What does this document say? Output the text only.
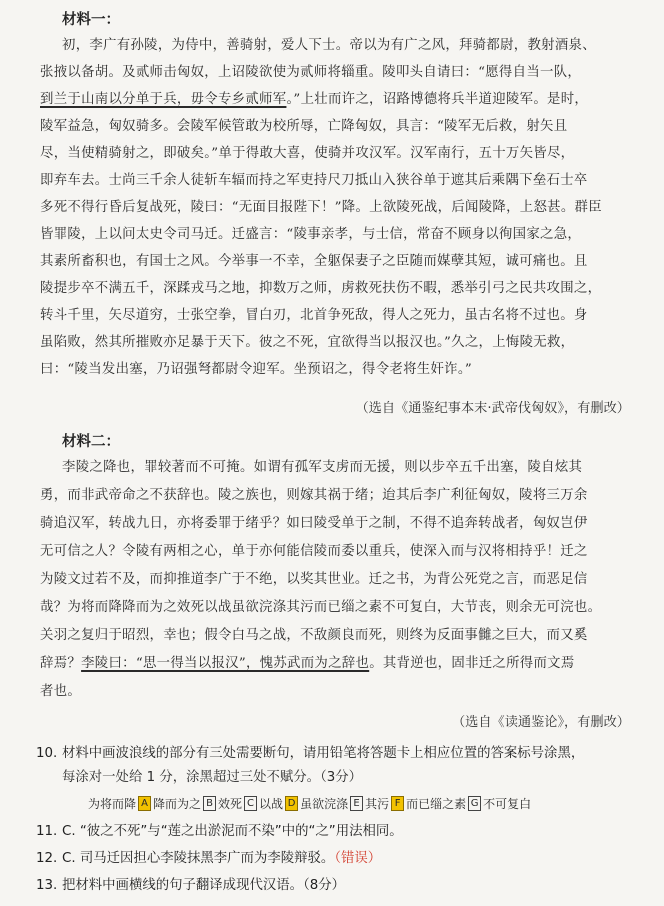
材料一：
初，李广有孙陵，为侍中，善骑射，爱人下士。帝以为有广之风，拜骑都尉，教射酒泉、
张掖以备胡。及贰师击匈奴，上诏陵欲使为贰师将辎重。陵叩头自请曰：“愿得自当一队，
到兰于山南以分单于兵，毋令专乡贰师军。”上壮而许之，诏路博德将兵半道迎陵军。是时，
陵军益急，匈奴骑多。会陵军候管敢为校所辱，亡降匈奴，具言：“陵军无后救，射矢且
尽，当使精骑射之，即破矣。”单于得敢大喜，使骑并攻汉军。汉军南行，五十万矢皆尽，
即弃车去。士尚三千余人徒斩车辐而持之军吏持尺刀抵山入狭谷单于遮其后乘隅下垒石士卒
多死不得行昏后复战死，陵曰：“无面目报陛下！”降。上欲陵死战，后闻陵降，上怒甚。群臣
皆罪陵，上以问太史令司马迁。迁盛言：“陵事亲孝，与士信，常奋不顾身以徇国家之急，
其素所畜积也，有国士之风。今举事一不幸，全躯保妻子之臣随而媒孽其短，诚可痛也。且
陵提步卒不满五千，深蹂戎马之地，抑数万之师，虏救死扶伤不暇，悉举引弓之民共攻围之，
转斗千里，矢尽道穷，士张空拳，冒白刃，北首争死敌，得人之死力，虽古名将不过也。身
虽陷败，然其所摧败亦足暴于天下。彼之不死，宜欲得当以报汉也。”久之，上悔陵无救，
曰：“陵当发出塞，乃诏强弩都尉令迎军。坐预诏之，得令老将生奸诈。”
（选自《通鉴纪事本末·武帝伐匈奴》，有删改）
材料二：
李陵之降也，罪较著而不可掩。如谓有孤军支虏而无援，则以步卒五千出塞，陵自炫其
勇，而非武帝命之不获辞也。陵之族也，则嫁其祸于绪；迨其后李广利征匈奴，陵将三万余
骑追汉军，转战九日，亦将委罪于绪乎？如曰陵受单于之制，不得不追奔转战者，匈奴岂伊
无可信之人？令陵有两相之心，单于亦何能信陵而委以重兵，使深入而与汉将相持乎！迁之
为陵文过若不及，而抑推道李广于不绝，以奖其世业。迁之书，为背公死党之言，而恶足信
哉？为将而降降而为之效死以战虽欲浣涤其污而已缁之素不可复白，大节丧，则余无可浣也。
关羽之复归于昭烈，幸也；假令白马之战，不敌颜良而死，则终为反面事雠之巨大，而又奚
辞焉？李陵曰：“思一得当以报汉”，愧苏武而为之辞也。其背逆也，固非迁之所得而文焉
者也。
（选自《读通鉴论》，有删改）
10. 材料中画波浪线的部分有三处需要断句，请用铅笔将答题卡上相应位置的答案标号涂黑，
每涂对一处给 1 分，涂黑超过三处不赋分。（3分）
为将而降 A 降而为之 B 效死 C 以战 D 虽欲浣涤 E 其污 F 而已缁之素 G 不可复白
11. C. “彼之不死”与“莲之出淤泥而不染”中的“之”用法相同。
12. C. 司马迁因担心李陵抹黑李广而为李陵辩驳。（错误）
13. 把材料中画横线的句子翻译成现代汉语。（8分）
